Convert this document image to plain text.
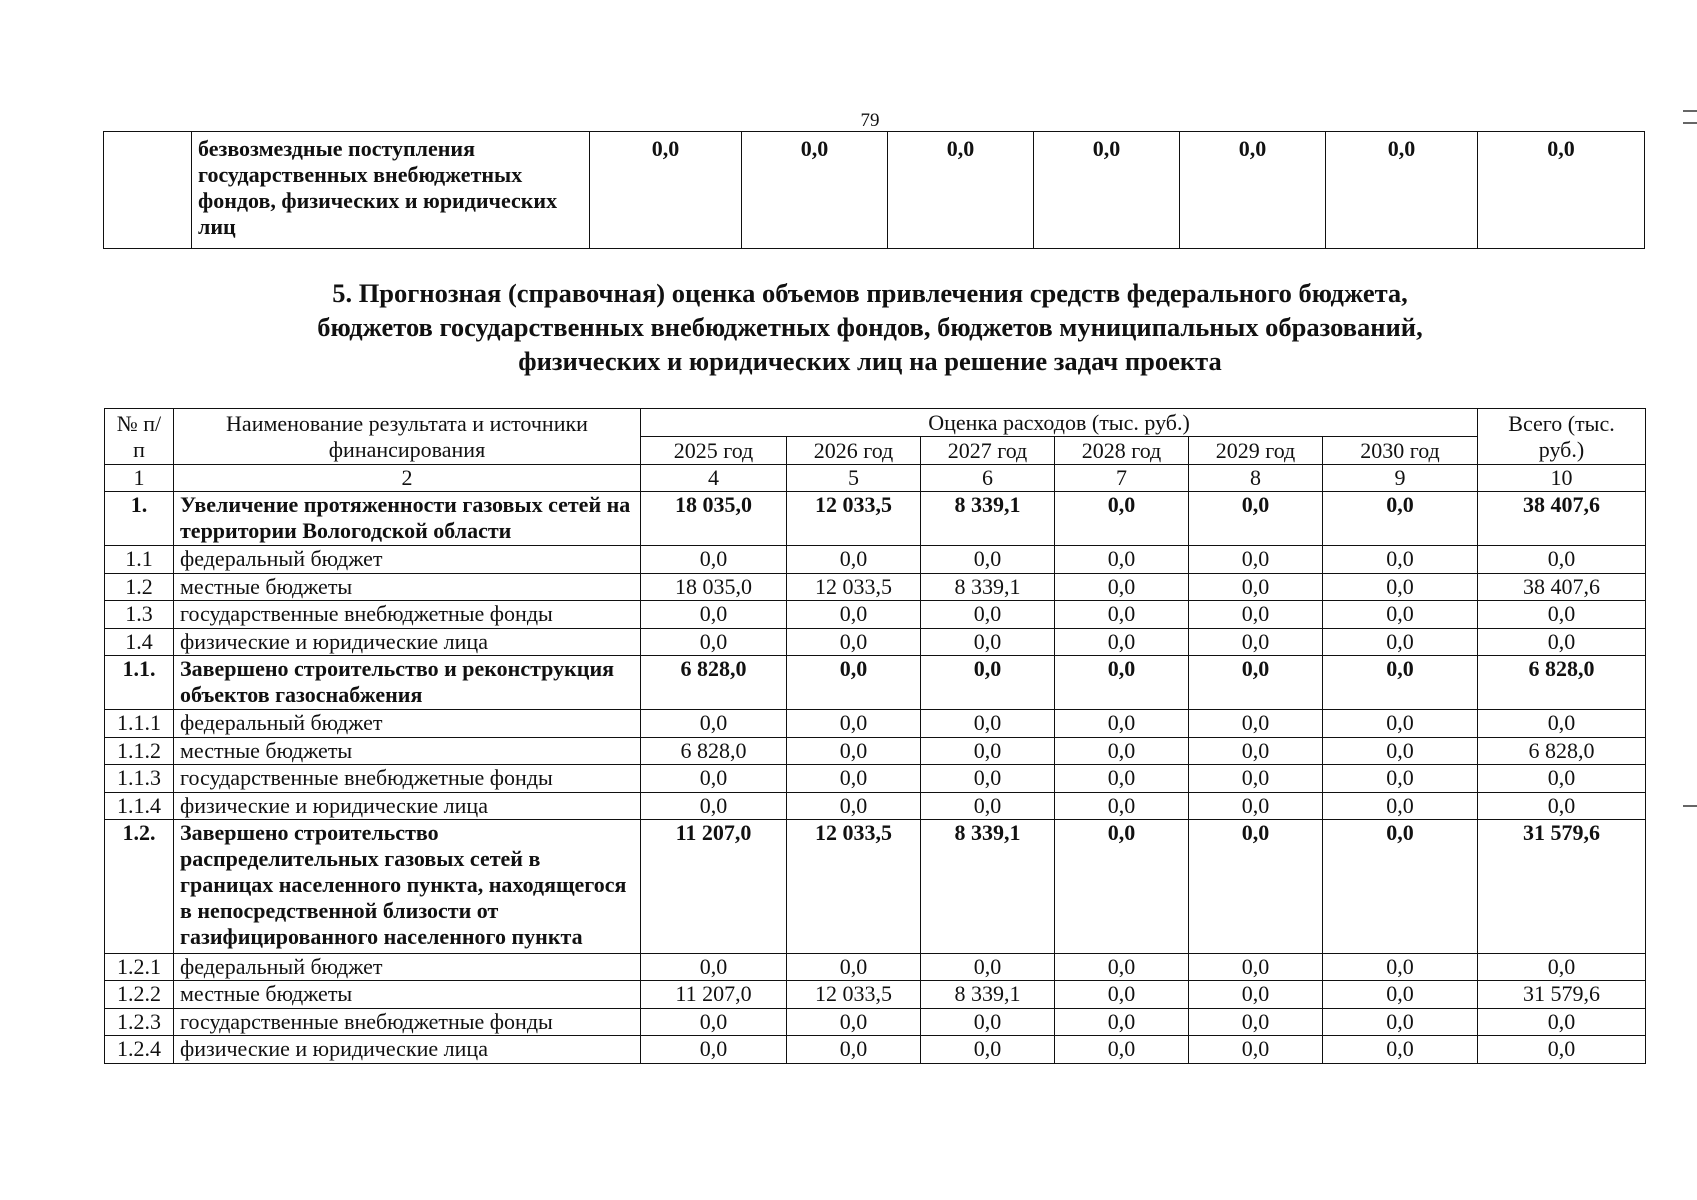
79
	безвозмездные поступления государственных внебюджетных фондов, физических и юридических лиц	0,0	0,0	0,0	0,0	0,0	0,0	0,0
5. Прогнозная (справочная) оценка объемов привлечения средств федерального бюджета,
бюджетов государственных внебюджетных фондов, бюджетов муниципальных образований,
физических и юридических лиц на решение задач проекта
№ п/п	Наименование результата и источники финансирования	Оценка расходов (тыс. руб.)						Всего (тыс. руб.)
		2025 год	2026 год	2027 год	2028 год	2029 год	2030 год	
1	2	4	5	6	7	8	9	10
1.	Увеличение протяженности газовых сетей на территории Вологодской области	18 035,0	12 033,5	8 339,1	0,0	0,0	0,0	38 407,6
1.1	федеральный бюджет	0,0	0,0	0,0	0,0	0,0	0,0	0,0
1.2	местные бюджеты	18 035,0	12 033,5	8 339,1	0,0	0,0	0,0	38 407,6
1.3	государственные внебюджетные фонды	0,0	0,0	0,0	0,0	0,0	0,0	0,0
1.4	физические и юридические лица	0,0	0,0	0,0	0,0	0,0	0,0	0,0
1.1.	Завершено строительство и реконструкция объектов газоснабжения	6 828,0	0,0	0,0	0,0	0,0	0,0	6 828,0
1.1.1	федеральный бюджет	0,0	0,0	0,0	0,0	0,0	0,0	0,0
1.1.2	местные бюджеты	6 828,0	0,0	0,0	0,0	0,0	0,0	6 828,0
1.1.3	государственные внебюджетные фонды	0,0	0,0	0,0	0,0	0,0	0,0	0,0
1.1.4	физические и юридические лица	0,0	0,0	0,0	0,0	0,0	0,0	0,0
1.2.	Завершено строительство распределительных газовых сетей в границах населенного пункта, находящегося в непосредственной близости от газифицированного населенного пункта	11 207,0	12 033,5	8 339,1	0,0	0,0	0,0	31 579,6
1.2.1	федеральный бюджет	0,0	0,0	0,0	0,0	0,0	0,0	0,0
1.2.2	местные бюджеты	11 207,0	12 033,5	8 339,1	0,0	0,0	0,0	31 579,6
1.2.3	государственные внебюджетные фонды	0,0	0,0	0,0	0,0	0,0	0,0	0,0
1.2.4	физические и юридические лица	0,0	0,0	0,0	0,0	0,0	0,0	0,0
